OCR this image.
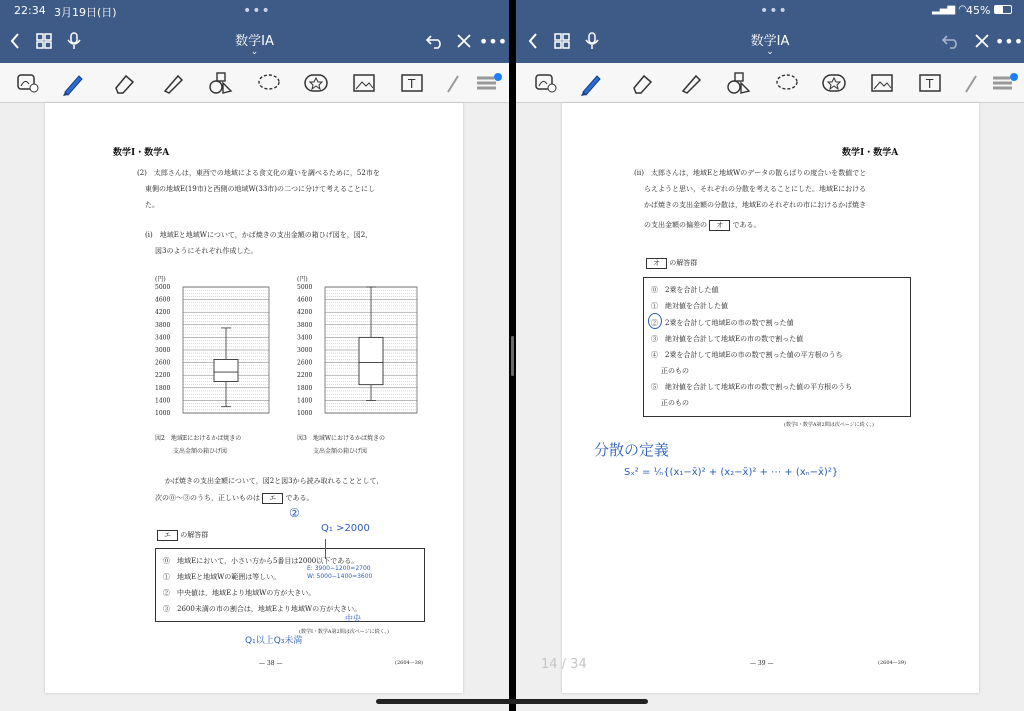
22:34 3月19日(日)	•••
数学IA
⌄
•••
T
数学Ⅰ・数学A
(2)　太郎さんは，東西での地域による食文化の違いを調べるために，52市を
東側の地域E(19市)と西側の地域W(33市)の二つに分けて考えることにし
た。
(i)　地域Eと地域Wについて，かば焼きの支出金額の箱ひげ図を，図2，
図3のようにそれぞれ作成した。
(円)
5000
4600
4200
3800
3400
3000
2600
2200
1800
1400
1000
(円)
5000
4600
4200
3800
3400
3000
2600
2200
1800
1400
1000
図2　地域Eにおけるかば焼きの
支出金額の箱ひげ図
図3　地域Wにおけるかば焼きの
支出金額の箱ひげ図
かば焼きの支出金額について，図2と図3から読み取れることとして，
次の⓪～③のうち，正しいものは エ である。
エ の解答群
⓪　地域Eにおいて，小さい方から5番目は2000以下である。
①　地域Eと地域Wの範囲は等しい。
②　中央値は，地域Eより地域Wの方が大きい。
③　2600未満の市の割合は，地域Eより地域Wの方が大きい。
(数学Ⅰ・数学A第2問は次ページに続く。)
Q₁ >2000
E: 3900−1200=2700
W: 5000−1400=3600
Q₁以上Q₃未満
中央
②
— 38 —	(2604—38)
•••	▂▄▆ ◠ 45%
数学IA
⌄
•••
T
数学Ⅰ・数学A
(ii)　太郎さんは，地域Eと地域Wのデータの散らばりの度合いを数値でと
らえようと思い，それぞれの分散を考えることにした。地域Eにおける
かば焼きの支出金額の分散は，地域Eのそれぞれの市におけるかば焼き
の支出金額の偏差の オ である。
オ の解答群
⓪　2乗を合計した値
①　絶対値を合計した値
②　2乗を合計して地域Eの市の数で割った値
③　絶対値を合計して地域Eの市の数で割った値
④　2乗を合計して地域Eの市の数で割った値の平方根のうち
正のもの
⑤　絶対値を合計して地域Eの市の数で割った値の平方根のうち
正のもの
(数学Ⅰ・数学A第2問は次ページに続く。)
分散の定義
Sₓ² = ¹⁄ₙ{(x₁−x̄)² + (x₂−x̄)² + ⋯ + (xₙ−x̄)²}
— 39 —	(2604—39)
14 / 34
